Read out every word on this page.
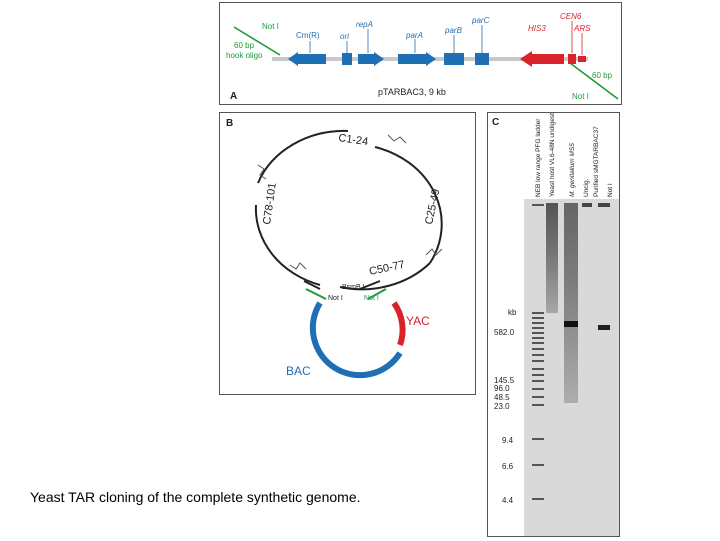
Not I
60 bp
hook oligo
60 bp
Not I
Cm(R)	ori
repA
parA
parB
parC
HIS3
CEN6
ARS
A	pTARBAC3, 9 kb
B
C1-24
C25-49
C50-77
C78-101
BsmB I
Not I	Not I
YAC
BAC
C	NEB low range PFG ladder Yeast host VL6-48N undigested M. genitalium MS5 Uncig. Purified sMGTARBAC37 Not I
kb
582.0
145.5
96.0
48.5
23.0
9.4
6.6
4.4
Yeast TAR cloning of the complete synthetic genome.
